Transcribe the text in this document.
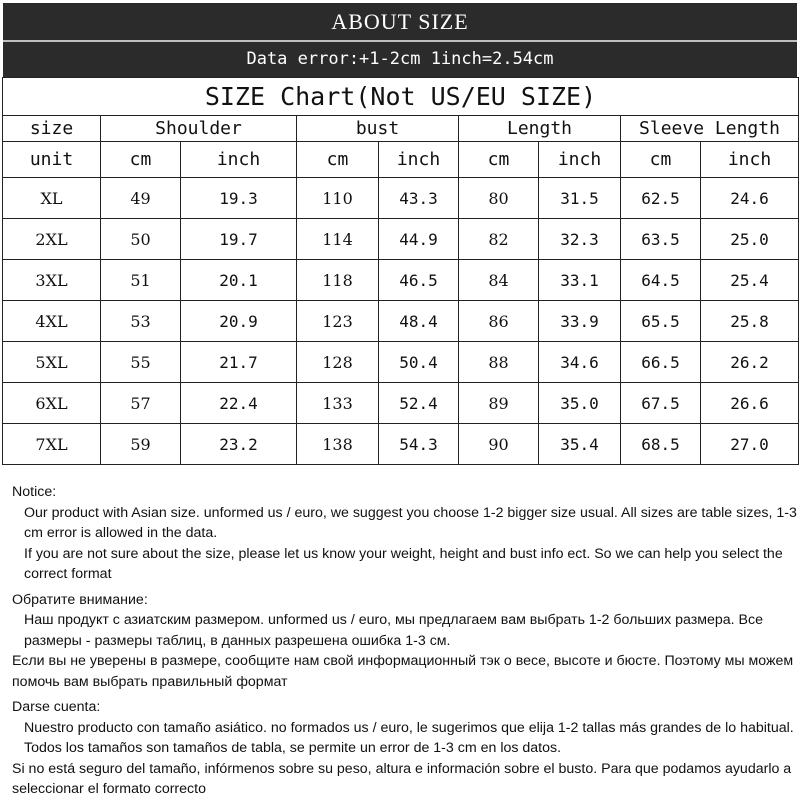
ABOUT SIZE
Data error:+1-2cm 1inch=2.54cm
SIZE Chart(Not US/EU SIZE)								
size	Shoulder		bust		Length		Sleeve Length	
unit	cm	inch	cm	inch	cm	inch	cm	inch
XL	49	19.3	110	43.3	80	31.5	62.5	24.6
2XL	50	19.7	114	44.9	82	32.3	63.5	25.0
3XL	51	20.1	118	46.5	84	33.1	64.5	25.4
4XL	53	20.9	123	48.4	86	33.9	65.5	25.8
5XL	55	21.7	128	50.4	88	34.6	66.5	26.2
6XL	57	22.4	133	52.4	89	35.0	67.5	26.6
7XL	59	23.2	138	54.3	90	35.4	68.5	27.0

Notice:

Our product with Asian size. unformed us / euro, we suggest you choose 1-2 bigger size usual. All sizes are table sizes, 1-3 cm error is allowed in the data.

If you are not sure about the size, please let us know your weight, height and bust info ect. So we can help you select the correct format

Обратите внимание:

Наш продукт с азиатским размером. unformed us / euro, мы предлагаем вам выбрать 1-2 больших размера. Все размеры - размеры таблиц, в данных разрешена ошибка 1-3 см.

Если вы не уверены в размере, сообщите нам свой информационный тэк о весе, высоте и бюсте. Поэтому мы можем помочь вам выбрать правильный формат

Darse cuenta:

Nuestro producto con tamaño asiático. no formados us / euro, le sugerimos que elija 1-2 tallas más grandes de lo habitual. Todos los tamaños son tamaños de tabla, se permite un error de 1-3 cm en los datos.

Si no está seguro del tamaño, infórmenos sobre su peso, altura e información sobre el busto. Para que podamos ayudarlo a seleccionar el formato correcto
